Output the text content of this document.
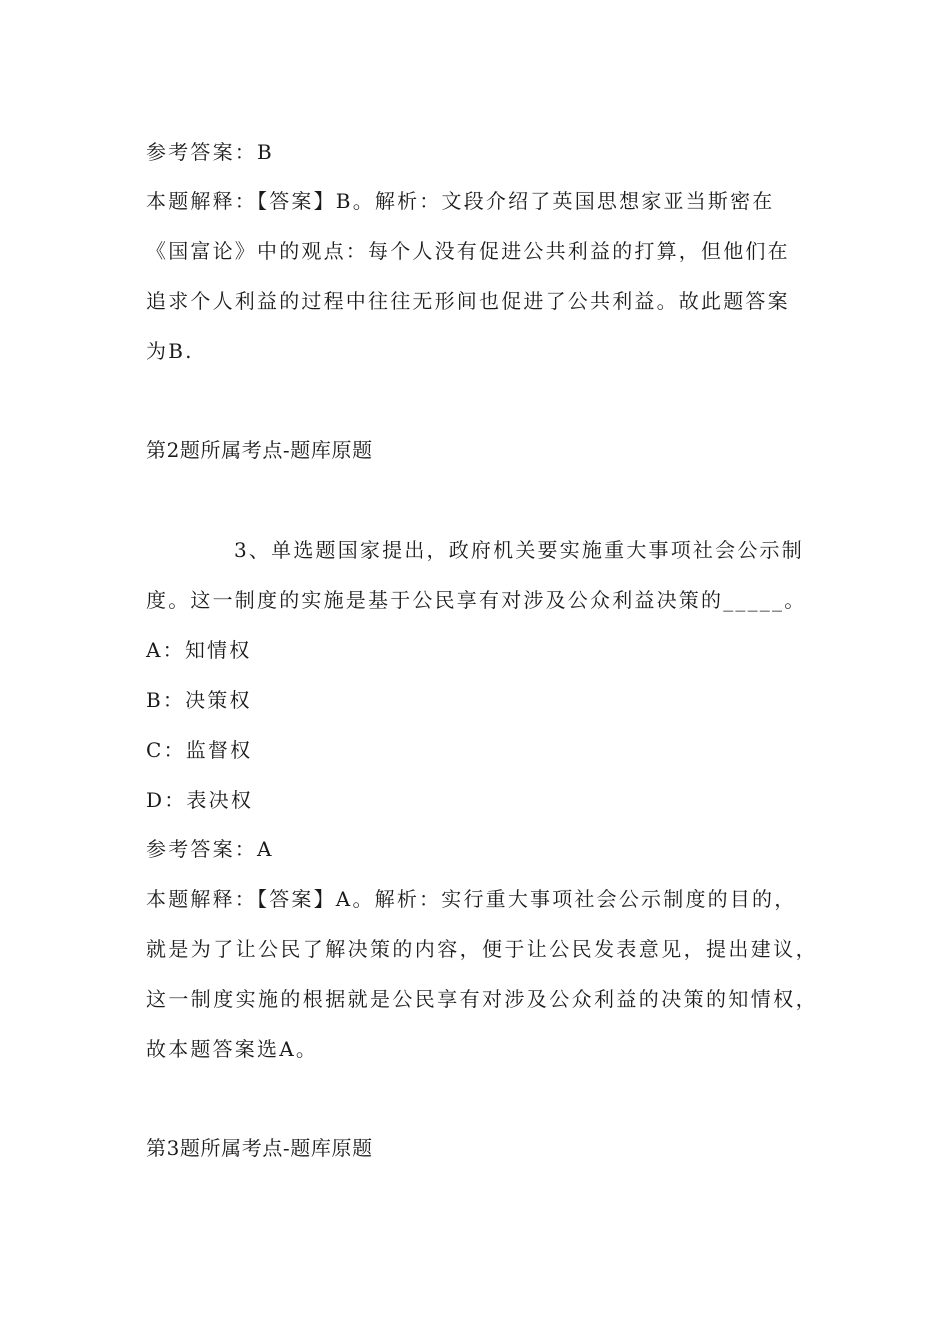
参考答案：B
本题解释：【答案】B。解析：文段介绍了英国思想家亚当斯密在
《国富论》中的观点：每个人没有促进公共利益的打算，但他们在
追求个人利益的过程中往往无形间也促进了公共利益。故此题答案
为B.
第2题所属考点-题库原题
3、单选题国家提出，政府机关要实施重大事项社会公示制
度。这一制度的实施是基于公民享有对涉及公众利益决策的_____。
A：知情权
B：决策权
C：监督权
D：表决权
参考答案：A
本题解释：【答案】A。解析：实行重大事项社会公示制度的目的，
就是为了让公民了解决策的内容，便于让公民发表意见，提出建议，
这一制度实施的根据就是公民享有对涉及公众利益的决策的知情权，
故本题答案选A。
第3题所属考点-题库原题
